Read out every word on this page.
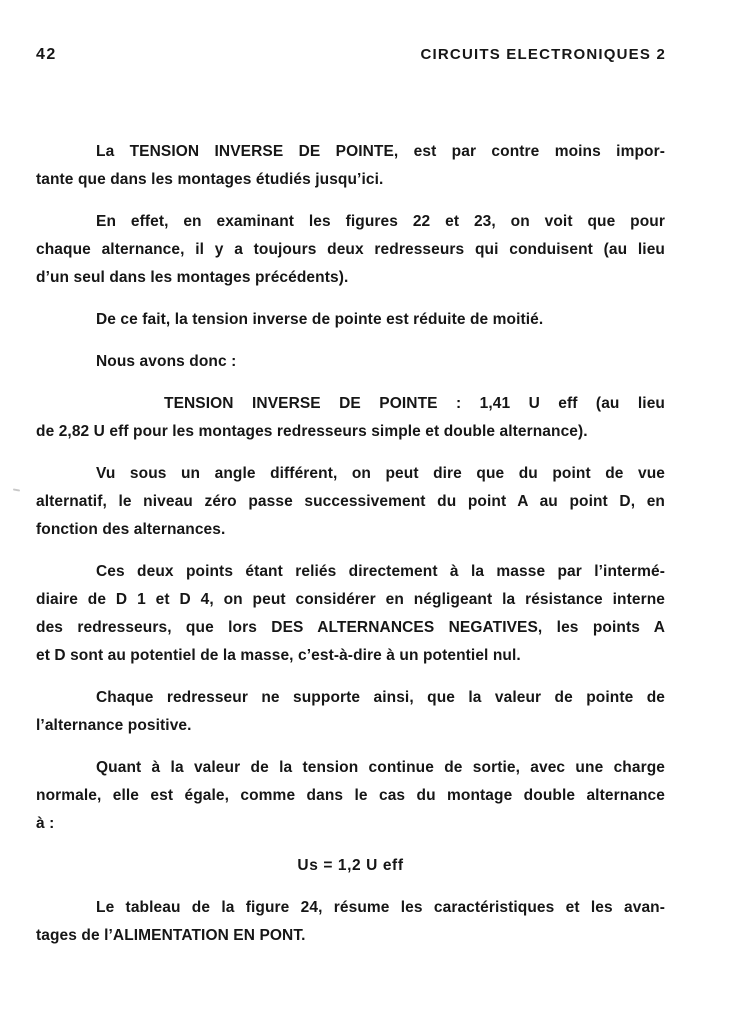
42	CIRCUITS ELECTRONIQUES 2
La TENSION INVERSE DE POINTE, est par contre moins impor-
tante que dans les montages étudiés jusqu’ici.
En effet, en examinant les figures 22 et 23, on voit que pour
chaque alternance, il y a toujours deux redresseurs qui conduisent (au lieu
d’un seul dans les montages précédents).
De ce fait, la tension inverse de pointe est réduite de moitié.
Nous avons donc :
TENSION INVERSE DE POINTE : 1,41 U eff (au lieu
de 2,82 U eff pour les montages redresseurs simple et double alternance).
Vu sous un angle différent, on peut dire que du point de vue
alternatif, le niveau zéro passe successivement du point A au point D, en
fonction des alternances.
Ces deux points étant reliés directement à la masse par l’intermé-
diaire de D 1 et D 4, on peut considérer en négligeant la résistance interne
des redresseurs, que lors DES ALTERNANCES NEGATIVES, les points A
et D sont au potentiel de la masse, c’est-à-dire à un potentiel nul.
Chaque redresseur ne supporte ainsi, que la valeur de pointe de
l’alternance positive.
Quant à la valeur de la tension continue de sortie, avec une charge
normale, elle est égale, comme dans le cas du montage double alternance
à :
Us = 1,2 U eff
Le tableau de la figure 24, résume les caractéristiques et les avan-
tages de l’ALIMENTATION EN PONT.
